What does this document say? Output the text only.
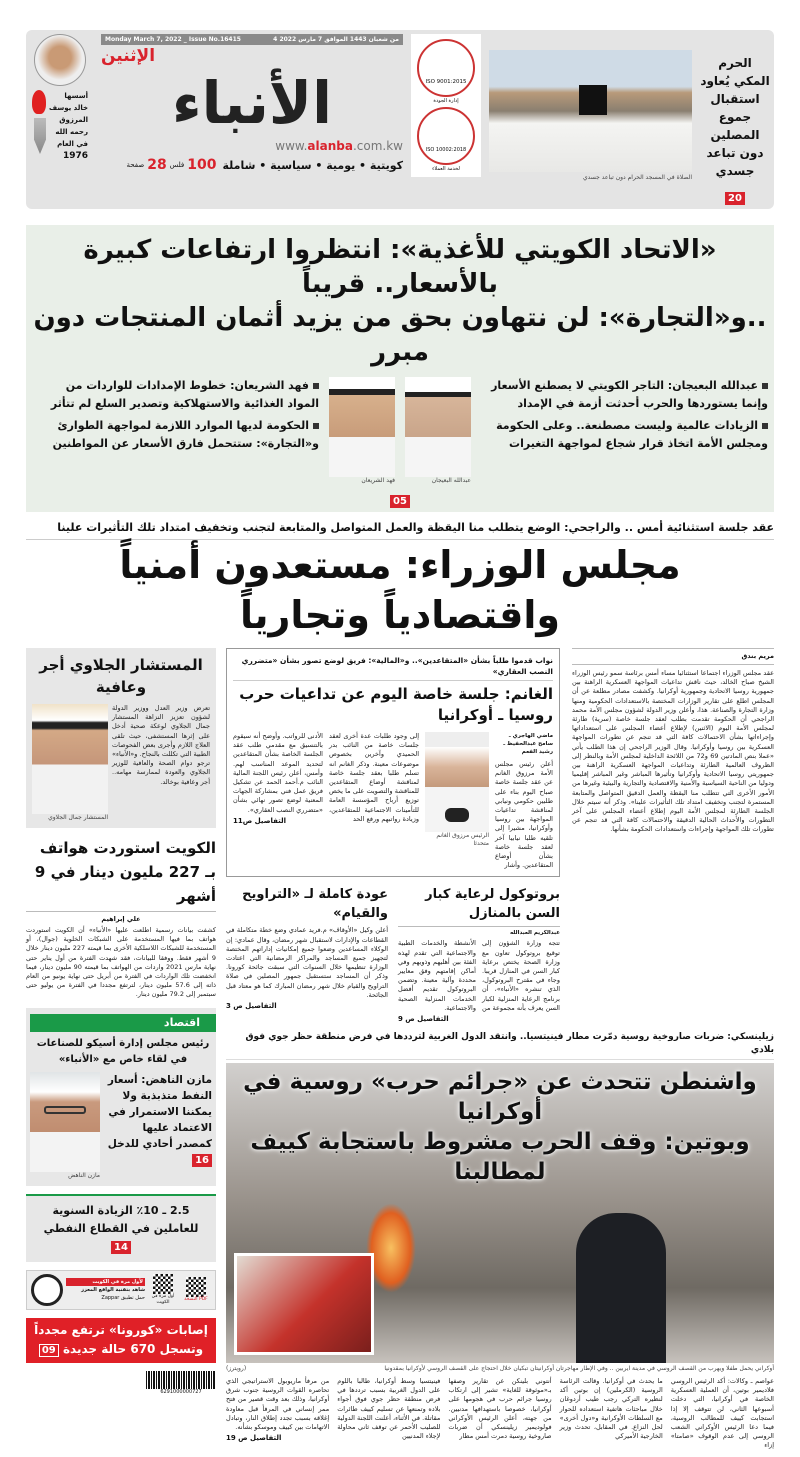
الحرم المكي يُعاود استقبال جموع المصلين دون تباعد جسدي
20
الصلاة في المسجد الحرام دون تباعد جسدي
ISO 9001:2015
إدارة الجودة
ISO 10002:2018
لخدمة العملاء
Monday March 7, 2022 _ Issue No.16415	4 من شعبان 1443 الموافق 7 مارس 2022
الإثنين
الأنباء
www.alanba.com.kw
كويتية • يومية • سياسية • شاملة
100
فلس
28
صفحة
أسسها
خالد يوسف
المرزوق
رحمه الله
في العام
1976
«الاتحاد الكويتي للأغذية»: انتظروا ارتفاعات كبيرة بالأسعار.. قريباً
..و«التجارة»: لن نتهاون بحق من يزيد أثمان المنتجات دون مبرر

عبدالله البعيجان: التاجر الكويتي لا يصطنع الأسعار وإنما يستوردها والحرب أحدثت أزمة في الإمداد

الزيادات عالمية وليست مصطنعة.. وعلى الحكومة ومجلس الأمة اتخاذ قرار شجاع لمواجهة التغيرات

عبدالله البعيجان
فهد الشريعان

فهد الشريعان: خطوط الإمدادات للواردات من المواد الغذائية والاستهلاكية وتصدير السلع لم تتأثر

الحكومة لديها الموارد اللازمة لمواجهة الطوارئ و«التجارة»: ستتحمل فارق الأسعار عن المواطنين

05
عقد جلسة استثنائية أمس .. والراجحي: الوضع يتطلب منا اليقظة والعمل المتواصل والمتابعة لتجنب وتخفيف امتداد تلك التأثيرات علينا
مجلس الوزراء: مستعدون أمنياً واقتصادياً وتجارياً
مريم بندق
عقد مجلس الوزراء اجتماعا استثنائيا مساء أمس برئاسة سمو رئيس الوزراء الشيخ صباح الخالد، حيث ناقش تداعيات المواجهة العسكرية الراهنة بين جمهورية روسيا الاتحادية وجمهورية أوكرانيا. وكشفت مصادر مطلعة عن أن المجلس اطلع على تقارير الوزارات المختصة بالاستعدادات الحكومية ومنها وزارة التجارة والصناعة. هذا، وأعلن وزير الدولة لشؤون مجلس الأمة محمد الراجحي أن الحكومة تقدمت بطلب لعقد جلسة خاصة (سرية) طارئة لمجلس الأمة اليوم (الاثنين) لإطلاع أعضاء المجلس على استعداداتها وإجراءاتها بشأن الاحتمالات كافة التي قد تنجم عن تطورات المواجهة العسكرية بين روسيا وأوكرانيا. وقال الوزير الراجحي إن هذا الطلب يأتي «عملا بنص المادتين 69 و72 من اللائحة الداخلية لمجلس الأمة وبالنظر إلى الظروف العالمية الطارئة وتداعيات المواجهة العسكرية الراهنة بين جمهوريتي روسيا الاتحادية وأوكرانيا وتأثيرها المباشر وغير المباشر إقليميا ودوليا من الناحية السياسية والأمنية والاقتصادية والتجارية والبيئية وغيرها من الأمور الأخرى التي تتطلب منا اليقظة والعمل الدقيق المتواصل والمتابعة المستمرة لتجنب وتخفيف امتداد تلك التأثيرات علينا». وذكر أنه سيتم خلال الجلسة الطارئة لمجلس الأمة اليوم إطلاع أعضاء المجلس على آخر التطورات والأحداث الحالية الدقيقة والاحتمالات كافة التي قد تنجم عن تطورات تلك المواجهة وإجراءات واستعدادات الحكومة بشأنها.
نواب قدموا طلباً بشأن «المتقاعدين».. و«المالية»: فريق لوضع تصور بشأن «متضرري النصب العقاري»
الغانم: جلسة خاصة اليوم عن تداعيات حرب روسيا ـ أوكرانيا
ماضي الهاجري ـ سامح عبدالحفيظ ـ رشيد الفعم
أعلن رئيس مجلس الأمة مرزوق الغانم عن عقد جلسة خاصة صباح اليوم بناء على طلبين حكومي ونيابي لمناقشة تداعيات المواجهة بين روسيا وأوكرانيا، مشيرا إلى تلقيه طلبا نيابيا آخر لعقد جلسة خاصة بشأن أوضاع المتقاعدين. وأشار
الرئيس مرزوق الغانم متحدثا
إلى وجود طلبات عدة أخرى لعقد جلسات خاصة من النائب بدر الحميدي وآخرين بخصوص موضوعات معينة. وذكر الغانم انه تسلم طلبا بعقد جلسة خاصة لمناقشة أوضاع المتقاعدين للمناقشة والتصويت على ما يخص توزيع أرباح المؤسسة العامة للتأمينات الاجتماعية للمتقاعدين، وزيادة رواتبهم ورفع الحد
الأدنى للرواتب. وأوضح أنه سيقوم بالتنسيق مع مقدمي طلب عقد الجلسة الخاصة بشأن المتقاعدين لتحديد الموعد المناسب لهم. وأمس، أعلن رئيس اللجنة المالية النائب م.أحمد الحمد عن تشكيل فريق عمل فني بمشاركة الجهات المعنية لوضع تصور نهائي بشأن «متضرري النصب العقاري».
التفاصيل ص11
بروتوكول لرعاية كبار السن بالمنازل
عبدالكريم العبدالله
تتجه وزارة الشؤون إلى توقيع بروتوكول تعاون مع وزارة الصحة يختص برعاية كبار السن في المنازل قريبا. وجاء في مقترح البروتوكول، الذي تنشره «الأنباء»، أن برنامج الرعاية المنزلية لكبار السن يعرف بأنه مجموعة من الأنشطة والخدمات الطبية والاجتماعية التي تقدم لهذه الفئة بين أهليهم وذويهم وفي أماكن إقامتهم وفق معايير محددة وآلية معينة. وتضمن البروتوكول تقديم أفضل الخدمات المنزلية الصحية والاجتماعية.
التفاصيل ص 9
عودة كاملة لـ «التراويح والقيام»
أعلن وكيل «الأوقاف» م.فريد عمادي وضع خطة متكاملة في القطاعات والإدارات لاستقبال شهر رمضان، وقال عمادي: إن الوكلاء المساعدين وضعوا جميع إمكانيات إداراتهم المختصة لتجهيز جميع المساجد والمراكز الرمضانية التي اعتادت الوزارة تنظيمها خلال السنوات التي سبقت جائحة كورونا. وذكر أن المساجد ستستقبل جمهور المصلين في صلاة التراويح والقيام خلال شهر رمضان المبارك كما هو معتاد قبل الجائحة.
التفاصيل ص 3
زيلينسكي: ضربات صاروخية روسية دمّرت مطار فينيتسيا.. وانتقد الدول الغربية لترددها في فرض منطقة حظر جوي فوق بلادي
واشنطن تتحدث عن «جرائم حرب» روسية في أوكرانيا
وبوتين: وقف الحرب مشروط باستجابة كييف لمطالبنا
أوكراني يحمل طفلا ويهرب من القصف الروسي في مدينة ايربين .. وفي الإطار مهاجرتان أوكرانيتان تبكيان خلال احتجاج على القصف الروسي لأوكرانيا بمقدونيا
(رويترز)
عواصم ـ وكالات: أكد الرئيس الروسي فلاديمير بوتين، أن العملية العسكرية الخاصة في أوكرانيا، التي دخلت أسبوعها الثاني، لن تتوقف إلا إذا استجابت كييف للمطالب الروسية، فيما دعا الرئيس الأوكراني الشعب الروسي إلى عدم الوقوف «صامتا» إزاء
ما يحدث في أوكرانيا. وقالت الرئاسة الروسية (الكرملين) إن بوتين أكد لنظيره التركي رجب طيب أردوغان خلال مباحثات هاتفية استعداده للحوار مع السلطات الأوكرانية و«دول أخرى» لحل النزاع. في المقابل، تحدث وزير الخارجية الأميركي
أنتوني بلينكن عن تقارير وصفها بـ«موثوقة للغاية» تشير إلى ارتكاب روسيا جرائم حرب في هجومها على أوكرانيا، خصوصا باستهدافها مدنيين. من جهته، أعلن الرئيس الأوكراني فولوديمير زيلينسكي أن ضربات صاروخية روسية دمرت أمس مطار
فينيتسيا وسط أوكرانيا، طالبا باللوم على الدول الغربية بسبب ترددها في فرض منطقة حظر جوي فوق أجواء بلاده وتمنعها عن تسليم كييف طائرات مقاتلة. في الأثناء، أعلنت اللجنة الدولية للصليب الأحمر عن توقف ثاني محاولة لإجلاء المدنيين
من مرفأ ماريوبول الاستراتيجي الذي تحاصره القوات الروسية جنوب شرق أوكرانيا، وذلك بعد وقت قصير من فتح ممر إنساني في المرفأ قبل معاودة إغلاقه بسبب تجدد إطلاق النار، وتبادل الاتهامات بين كييف وموسكو بشأنه.
التفاصيل ص 19
المستشار الجلاوي أجر وعافية
تعرض وزير العدل ووزير الدولة لشؤون تعزيز النزاهة المستشار جمال الجلاوي لوعكة صحية أدخل على إثرها المستشفى، حيث تلقى العلاج اللازم وأجرى بعض الفحوصات الطبية التي تكللت بالنجاح. و«الأنباء» ترجو دوام الصحة والعافية للوزير الجلاوي والعودة لممارسة مهامه.. أجر وعافية بوخالد.
المستشار جمال الجلاوي
الكويت استوردت هواتف بـ 227 مليون دينار في 9 أشهر
علي إبراهيم
كشفت بيانات رسمية اطلعت عليها «الأنباء» أن الكويت استوردت هواتف بما فيها المستخدمة على الشبكات الخلوية (جوال)، أو المستخدمة للشبكات اللاسلكية الأخرى بما قيمته 227 مليون دينار خلال 9 أشهر فقط. ووفقا للبيانات، فقد شهدت الفترة من أول يناير حتى نهاية مارس 2021 واردات من الهواتف بما قيمته 90 مليون دينار، فيما انخفضت تلك الواردات في الفترة من أبريل حتى نهاية يونيو من العام ذاته إلى 57.6 مليون دينار، لترتفع مجددا في الفترة من يوليو حتى سبتمبر إلى 79.2 مليون دينار.
اقتصاد
رئيس مجلس إدارة أسيكو للصناعات في لقاء خاص مع «الأنباء»
مازن الناهض: أسعار النفط متذبذبة ولا يمكننا الاستمرار في الاعتماد عليها كمصدر أحادي للدخل 16
مازن الناهض
2.5 ـ 10٪ الزيادة السنوية للعاملين في القطاع النفطي 14
لأول مرة في الكويت
شاهد بتقنية الواقع المعزز
حمل تطبيق Zappar	أول مرة في الكويت
النسخة PDF
إصابات «كورونا» ترتفع مجدداً
وتسجل 670 حالة جديدة 09
6291000000727
